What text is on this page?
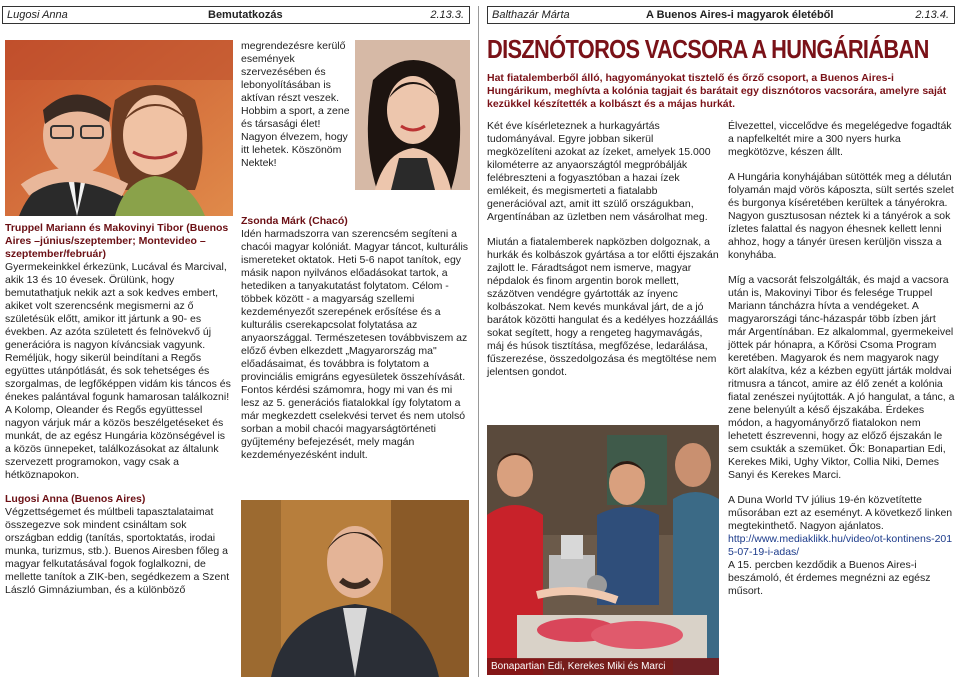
Lugosi Anna	Bemutatkozás	2.13.3.	Balthazár Márta	A Buenos Aires-i magyarok életéből	2.13.4.
Truppel Mariann és Makovinyi Tibor (Buenos Aires –június/szeptember; Montevideo – szeptember/február)
Gyermekeinkkel érkezünk, Lucával és Marcival, akik 13 és 10 évesek. Örülünk, hogy bemutathatjuk nekik azt a sok kedves embert, akiket volt szerencsénk megismerni az ő születésük előtt, amikor itt jártunk a 90- es években. Az azóta született és felnövekvő új generációra is nagyon kíváncsiak vagyunk. Reméljük, hogy sikerül beindítani a Regős együttes utánpótlását, és sok tehetséges és szorgalmas, de legfőképpen vidám kis táncos és énekes palántával fogunk hamarosan találkozni!
A Kolomp, Oleander és Regős együttessel nagyon várjuk már a közös beszélgetéseket és munkát, de az egész Hungária közönségével is a közös ünnepeket, találkozásokat az általunk szervezett programokon, vagy csak a hétköznapokon.
Lugosi Anna (Buenos Aires)
Végzettségemet és múltbeli tapasztalataimat összegezve sok mindent csináltam sok országban eddig (tanítás, sportoktatás, irodai munka, turizmus, stb.). Buenos Airesben főleg a magyar felkutatásával fogok foglalkozni, de mellette tanítok a ZIK-ben, segédkezem a Szent László Gimnáziumban, és a különböző
megrendezésre kerülő események szervezésében és lebonyolításában is aktívan részt veszek. Hobbim a sport, a zene és társasági élet! Nagyon élvezem, hogy itt lehetek. Köszönöm Nektek!
Zsonda Márk (Chacó)
Idén harmadszorra van szerencsém segíteni a chacói magyar kolóniát. Magyar táncot, kulturális ismereteket oktatok. Heti 5-6 napot tanítok, egy másik napon nyilvános előadásokat tartok, a hetediken a tanyakutatást folytatom. Célom - többek között - a magyarság szellemi kezdeményezőt szerepének erősítése és a kulturális cserekapcsolat folytatása az anyaországgal. Természetesen továbbviszem az előző évben elkezdett „Magyarország ma" előadásaimat, és továbbra is folytatom a provinciális emigráns egyesületek összehívását. Fontos kérdési számomra, hogy mi van és mi lesz az 5. generációs fiatalokkal így folytatom a már megkezdett cselekvési tervet és nem utolsó sorban a mobil chacói magyarságtörténeti gyűjtemény befejezését, mely magán kezdeményezésként indult.
DISZNÓTOROS VACSORA A HUNGÁRIÁBAN
Hat fiatalemberből álló, hagyományokat tisztelő és őrző csoport, a Buenos Aires-i Hungárikum, meghívta a kolónia tagjait és barátait egy disznótoros vacsorára, amelyre saját kezükkel készítették a kolbászt és a májas hurkát.
Két éve kísérleteznek a hurkagyártás tudományával. Egyre jobban sikerül megközelíteni azokat az ízeket, amelyek 15.000 kilométerre az anyaországtól megpróbálják felébreszteni a fogyasztóban a hazai ízek emlékeit, és megismerteti a fiatalabb generációval azt, amit itt szülő országukban, Argentínában az üzletben nem vásárolhat meg.
Miután a fiatalemberek napközben dolgoznak, a hurkák és kolbászok gyártása a tor előtti éjszakán zajlott le. Fáradtságot nem ismerve, magyar népdalok és finom argentin borok mellett, százötven vendégre gyártották az ínyenc kolbászokat. Nem kevés munkával járt, de a jó barátok közötti hangulat és a kedélyes hozzáállás sokat segített, hogy a rengeteg hagymavágás, máj és húsok tisztítása, megfőzése, ledarálása, fűszerezése, összedolgozása és megtöltése nem jelentsen gondot.
Bonapartian Edi, Kerekes Miki és Marci
Élvezettel, viccelődve és megelégedve fogadták a napfelkeltét mire a 300 nyers hurka megkötözve, készen állt.
A Hungária konyhájában sütötték meg a délután folyamán majd vörös káposzta, sült sertés szelet és burgonya kíséretében kerültek a tányérokra. Nagyon gusztusosan néztek ki a tányérok a sok ízletes falattal és nagyon éhesnek kellett lenni ahhoz, hogy a tányér üresen kerüljön vissza a konyhába.
Míg a vacsorát felszolgálták, és majd a vacsora után is, Makovinyi Tibor és felesége Truppel Mariann táncházra hívta a vendégeket. A magyarországi tánc-házaspár több ízben járt már Argentínában. Ez alkalommal, gyermekeivel jöttek pár hónapra, a Kőrösi Csoma Program keretében. Magyarok és nem magyarok nagy kört alakítva, kéz a kézben együtt járták moldvai ritmusra a táncot, amire az élő zenét a kolónia fiatal zenészei nyújtották. A jó hangulat, a tánc, a zene belenyúlt a késő éjszakába. Érdekes módon, a hagyományőrző fiatalokon nem lehetett észrevenni, hogy az előző éjszakán le sem csukták a szemüket. Ők: Bonapartian Edi, Kerekes Miki, Ughy Viktor, Collia Niki, Demes Sanyi és Kerekes Marci.
A Duna World TV július 19-én közvetítette műsorában ezt az eseményt. A következő linken megtekinthető. Nagyon ajánlatos.
http://www.mediaklikk.hu/video/ot-kontinens-2015-07-19-i-adas/
A 15. percben kezdődik a Buenos Aires-i beszámoló, ét érdemes megnézni az egész műsort.
